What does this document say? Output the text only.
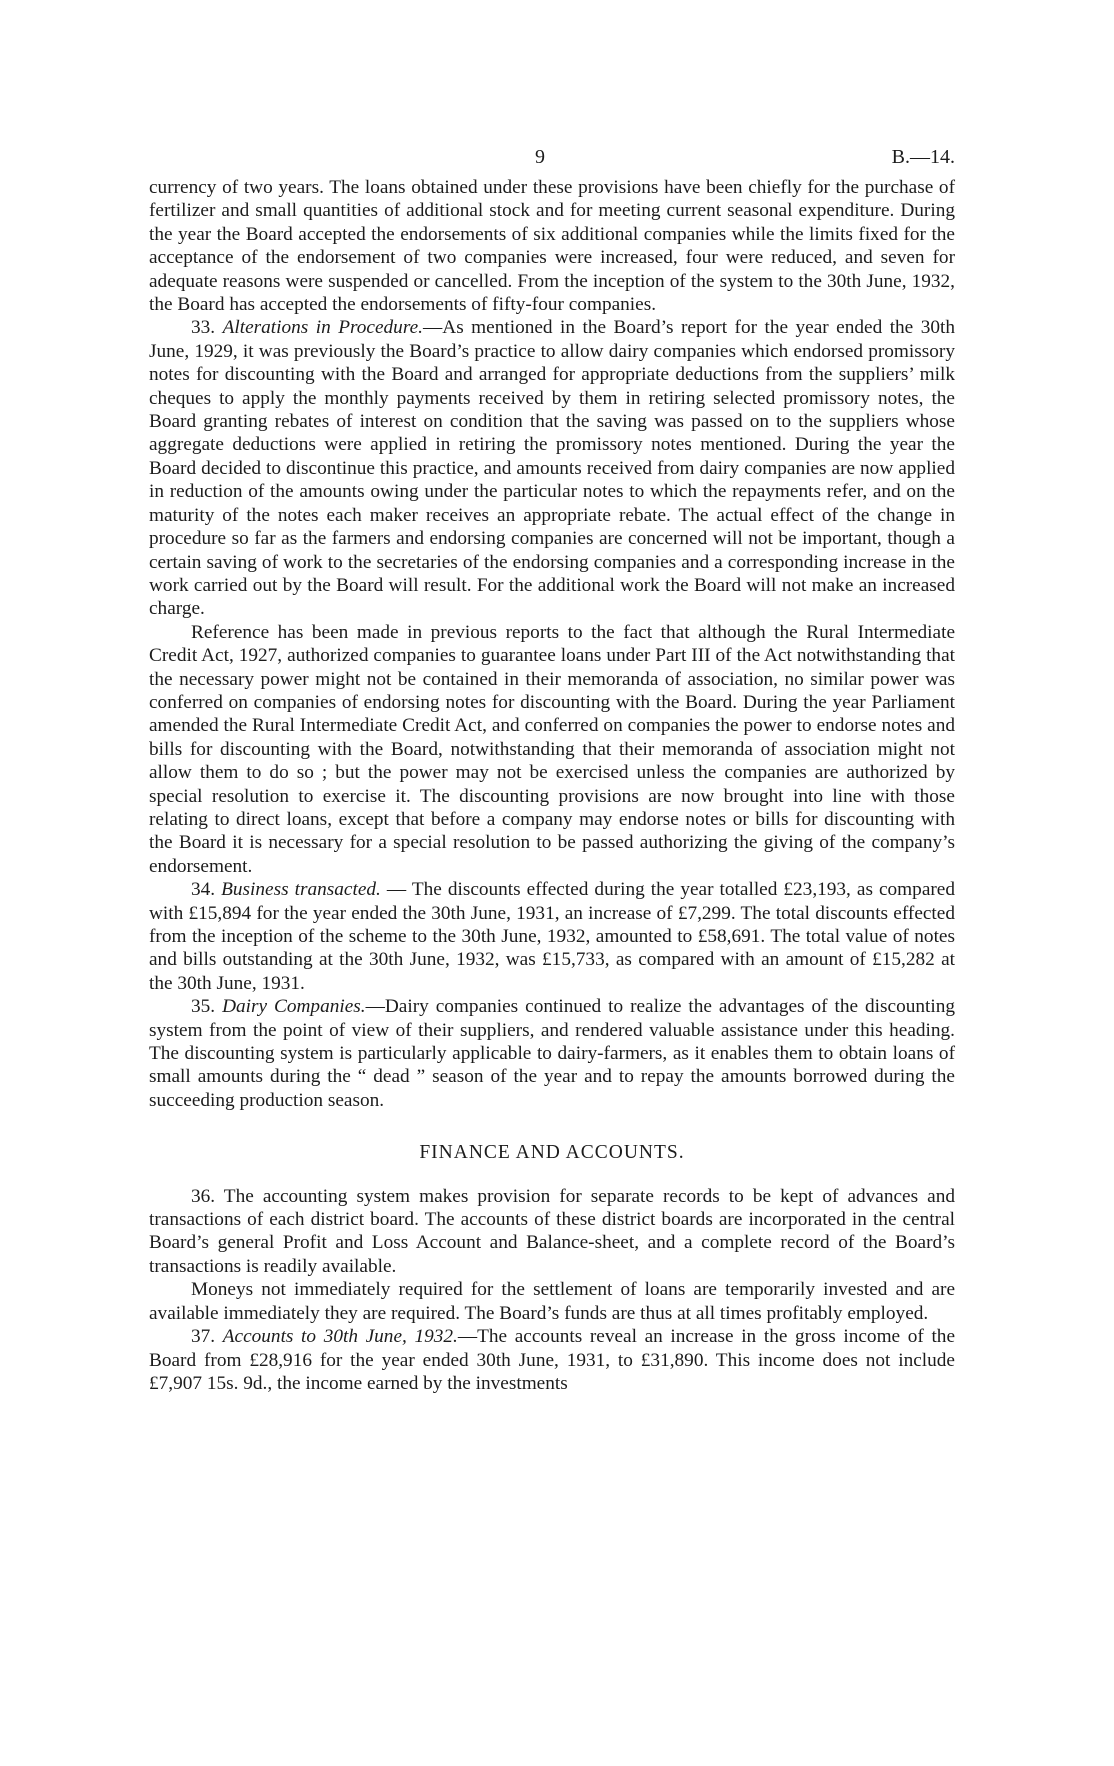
9	B.—14.

currency of two years. The loans obtained under these provisions have been chiefly for the purchase of fertilizer and small quantities of additional stock and for meeting current seasonal expenditure. During the year the Board accepted the endorsements of six additional companies while the limits fixed for the acceptance of the endorsement of two companies were increased, four were reduced, and seven for adequate reasons were suspended or cancelled. From the inception of the system to the 30th June, 1932, the Board has accepted the endorsements of fifty-four companies.

33. Alterations in Procedure.—As mentioned in the Board’s report for the year ended the 30th June, 1929, it was previously the Board’s practice to allow dairy companies which endorsed promissory notes for discounting with the Board and arranged for appropriate deductions from the suppliers’ milk cheques to apply the monthly payments received by them in retiring selected promissory notes, the Board granting rebates of interest on condition that the saving was passed on to the suppliers whose aggregate deductions were applied in retiring the promissory notes mentioned. During the year the Board decided to discontinue this practice, and amounts received from dairy companies are now applied in reduction of the amounts owing under the particular notes to which the repayments refer, and on the maturity of the notes each maker receives an appropriate rebate. The actual effect of the change in procedure so far as the farmers and endorsing companies are concerned will not be important, though a certain saving of work to the secretaries of the endorsing companies and a corresponding increase in the work carried out by the Board will result. For the additional work the Board will not make an increased charge.

Reference has been made in previous reports to the fact that although the Rural Intermediate Credit Act, 1927, authorized companies to guarantee loans under Part III of the Act notwithstanding that the necessary power might not be contained in their memoranda of association, no similar power was conferred on companies of endorsing notes for discounting with the Board. During the year Parliament amended the Rural Intermediate Credit Act, and conferred on companies the power to endorse notes and bills for discounting with the Board, notwithstanding that their memoranda of association might not allow them to do so ; but the power may not be exercised unless the companies are authorized by special resolution to exercise it. The discounting provisions are now brought into line with those relating to direct loans, except that before a company may endorse notes or bills for discounting with the Board it is necessary for a special resolution to be passed authorizing the giving of the company’s endorsement.

34. Business transacted. — The discounts effected during the year totalled £23,193, as compared with £15,894 for the year ended the 30th June, 1931, an increase of £7,299. The total discounts effected from the inception of the scheme to the 30th June, 1932, amounted to £58,691. The total value of notes and bills outstanding at the 30th June, 1932, was £15,733, as compared with an amount of £15,282 at the 30th June, 1931.

35. Dairy Companies.—Dairy companies continued to realize the advantages of the discounting system from the point of view of their suppliers, and rendered valuable assistance under this heading. The discounting system is particularly applicable to dairy-farmers, as it enables them to obtain loans of small amounts during the “ dead ” season of the year and to repay the amounts borrowed during the succeeding production season.

FINANCE AND ACCOUNTS.

36. The accounting system makes provision for separate records to be kept of advances and transactions of each district board. The accounts of these district boards are incorporated in the central Board’s general Profit and Loss Account and Balance-sheet, and a complete record of the Board’s transactions is readily available.

Moneys not immediately required for the settlement of loans are temporarily invested and are available immediately they are required. The Board’s funds are thus at all times profitably employed.

37. Accounts to 30th June, 1932.—The accounts reveal an increase in the gross income of the Board from £28,916 for the year ended 30th June, 1931, to £31,890. This income does not include £7,907 15s. 9d., the income earned by the investments
